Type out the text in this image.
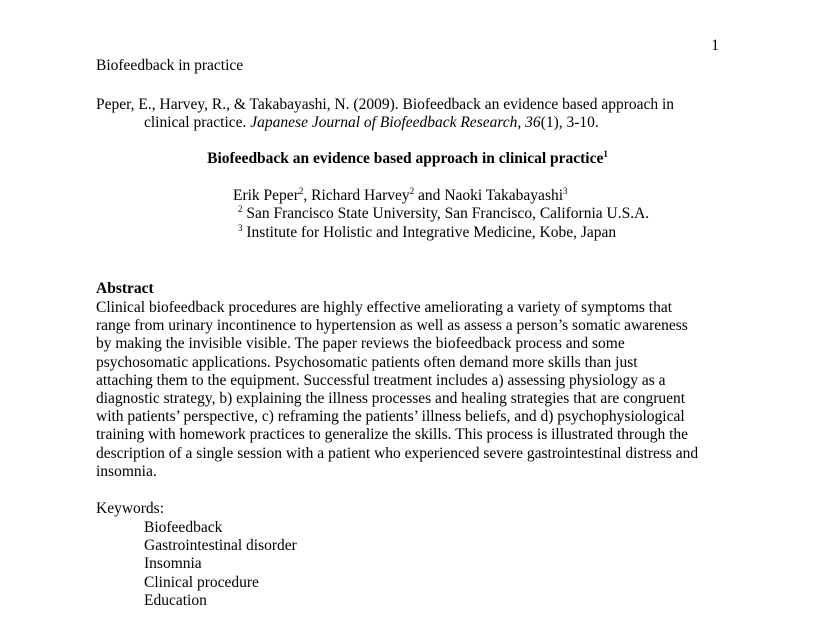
1
Biofeedback in practice
Peper, E., Harvey, R., & Takabayashi, N. (2009). Biofeedback an evidence based approach in
clinical practice. Japanese Journal of Biofeedback Research, 36(1), 3-10.
Biofeedback an evidence based approach in clinical practice$^1$
Erik Peper$^2$, Richard Harvey$^2$ and Naoki Takabayashi$^3$
$^2$ San Francisco State University, San Francisco, California U.S.A.
$^3$ Institute for Holistic and Integrative Medicine, Kobe, Japan
Abstract
Clinical biofeedback procedures are highly effective ameliorating a variety of symptoms that
range from urinary incontinence to hypertension as well as assess a person’s somatic awareness
by making the invisible visible. The paper reviews the biofeedback process and some
psychosomatic applications. Psychosomatic patients often demand more skills than just
attaching them to the equipment. Successful treatment includes a) assessing physiology as a
diagnostic strategy, b) explaining the illness processes and healing strategies that are congruent
with patients’ perspective, c) reframing the patients’ illness beliefs, and d) psychophysiological
training with homework practices to generalize the skills. This process is illustrated through the
description of a single session with a patient who experienced severe gastrointestinal distress and
insomnia.
Keywords:
Biofeedback
Gastrointestinal disorder
Insomnia
Clinical procedure
Education
